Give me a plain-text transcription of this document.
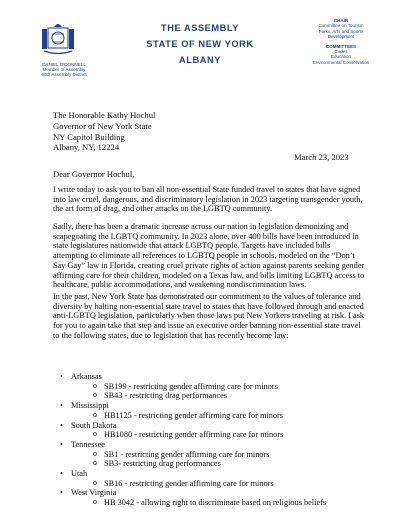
DANIEL O'DONNELL
Member of Assembly
69th Assembly District
THE ASSEMBLY
STATE OF NEW YORK
ALBANY
CHAIR
Committee on Tourism
Parks, Arts and Sports
Development
COMMITTEES
Codes
Education
Environmental Conservation
The Honorable Kathy Hochul
Governor of New York State
NY Capitol Building
Albany, NY, 12224
March 23, 2023
Dear Governor Hochul,

I write today to ask you to ban all non-essential State funded travel to states that have signed into law cruel, dangerous, and discriminatory legislation in 2023 targeting transgender youth, the art form of drag, and other attacks on the LGBTQ community.

Sadly, there has been a dramatic increase across our nation in legislation demonizing and scapegoating the LGBTQ community. In 2023 alone, over 400 bills have been introduced in state legislatures nationwide that attack LGBTQ people. Targets have included bills attempting to eliminate all references to LGBTQ people in schools, modeled on the “Don’t Say Gay” law in Florida, creating cruel private rights of action against parents seeking gender affirming care for their children, modeled on a Texas law, and bills limiting LGBTQ access to healthcare, public accommodations, and weakening nondiscrimination laws.

In the past, New York State has demonstrated our commitment to the values of tolerance and diversity by halting non-essential state travel to states that have followed through and enacted anti-LGBTQ legislation, particularly when those laws put New Yorkers traveling at risk. I ask for you to again take that step and issue an executive order banning non-essential state travel to the following states, due to legislation that has recently become law:

• Arkansas
o SB199 - restricting gender affirming care for minors
o SB43 - restricting drag performances
• Mississippi
o HB1125 - restricting gender affirming care for minors
• South Dakota
o HB1080 - restricting gender affirming care for minors
• Tennessee
o SB1 - restricting gender affirming care for minors
o SB3- restricting drag performances
• Utah
o SB16 - restricting gender affirming care for minors
• West Virginia
o HB 3042 - allowing right to discriminate based on religious beliefs
